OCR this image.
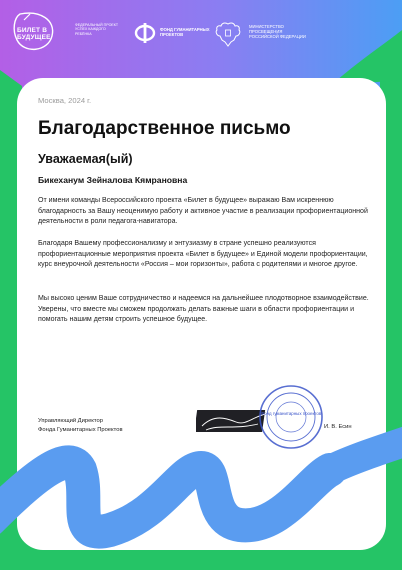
БИЛЕТ В БУДУЩЕЕ
ФЕДЕРАЛЬНЫЙ ПРОЕКТ УСПЕХ КАЖДОГО РЕБЁНКА
ФОНД ГУМАНИТАРНЫХ ПРОЕКТОВ
МИНИСТЕРСТВО ПРОСВЕЩЕНИЯ РОССИЙСКОЙ ФЕДЕРАЦИИ
Москва, 2024 г.
Благодарственное письмо
Уважаемая(ый)
Бикеханум Зейналова Кямрановна

От имени команды Всероссийского проекта «Билет в будущее» выражаю Вам искреннюю благодарность за Вашу неоценимую работу и активное участие в реализации профориентационной деятельности в роли педагога-навигатора.

Благодаря Вашему профессионализму и энтузиазму в стране успешно реализуются профориентационные мероприятия проекта «Билет в будущее» и Единой модели профориентации, курс внеурочной деятельности «Россия – мои горизонты», работа с родителями и многое другое.

Мы высоко ценим Ваше сотрудничество и надеемся на дальнейшее плодотворное взаимодействие. Уверены, что вместе мы сможем продолжать делать важные шаги в области профориентации и помогать нашим детям строить успешное будущее.

Управляющий Директор
Фонда Гуманитарных Проектов
Фонд гуманитарных проектов
И. В. Есин
